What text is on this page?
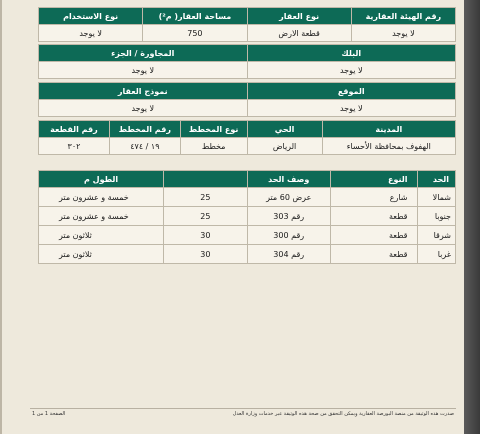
رقم الهيئة العقارية	نوع العقار	مساحة العقار( م²)	نوع الاستخدام
لا يوجد	قطعة الارض	750	لا يوجد
البلك	المجاورة / الجزء
لا يوجد	لا يوجد
الموقع	نموذج العقار
لا يوجد	لا يوجد
المدينة	الحي	نوع المخطط	رقم المخطط	رقم القطعة
الهفوف بمحافظة الأحساء	الرياض	مخطط	١٩ / ٤٧٤	٣٠٢
الحد	النوع	وصف الحد		الطول م
شمالا	شارع	عرض 60 متر	25	خمسة و عشرون متر
جنوبا	قطعة	رقم 303	25	خمسة و عشرون متر
شرقا	قطعة	رقم 300	30	ثلاثون متر
غربا	قطعة	رقم 304	30	ثلاثون متر
الصفحة 1 من 1	صدرت هذه الوثيقة من منصة البورصة العقارية ويمكن التحقق من صحة هذه الوثيقة عبر خدمات وزارة العدل
